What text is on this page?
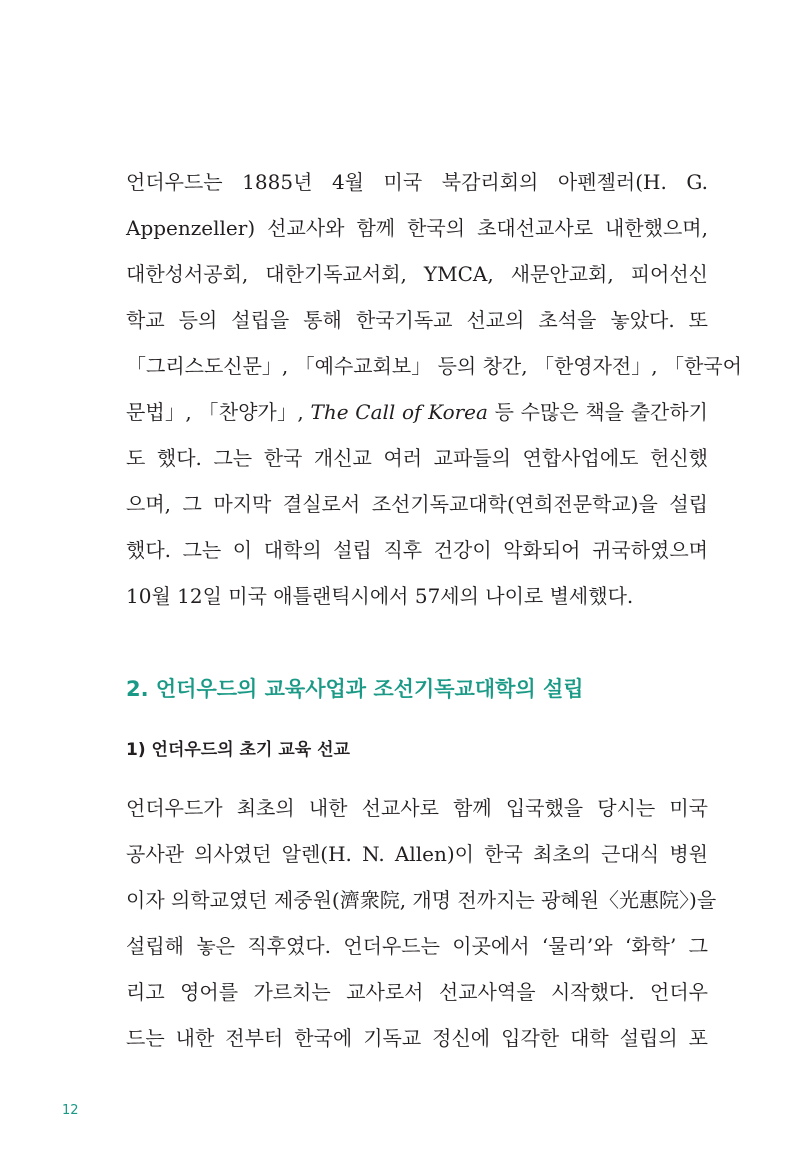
언더우드는 1885년 4월 미국 북감리회의 아펜젤러(H. G.
Appenzeller) 선교사와 함께 한국의 초대선교사로 내한했으며,
대한성서공회, 대한기독교서회, YMCA, 새문안교회, 피어선신
학교 등의 설립을 통해 한국기독교 선교의 초석을 놓았다. 또
「그리스도신문」, 「예수교회보」 등의 창간, 「한영자전」, 「한국어
문법」, 「찬양가」, The Call of Korea 등 수많은 책을 출간하기
도 했다. 그는 한국 개신교 여러 교파들의 연합사업에도 헌신했
으며, 그 마지막 결실로서 조선기독교대학(연희전문학교)을 설립
했다. 그는 이 대학의 설립 직후 건강이 악화되어 귀국하였으며
10월 12일 미국 애틀랜틱시에서 57세의 나이로 별세했다.
2. 언더우드의 교육사업과 조선기독교대학의 설립
1) 언더우드의 초기 교육 선교
언더우드가 최초의 내한 선교사로 함께 입국했을 당시는 미국
공사관 의사였던 알렌(H. N. Allen)이 한국 최초의 근대식 병원
이자 의학교였던 제중원(濟衆院, 개명 전까지는 광혜원〈光惠院〉)을
설립해 놓은 직후였다. 언더우드는 이곳에서 ‘물리’와 ‘화학’ 그
리고 영어를 가르치는 교사로서 선교사역을 시작했다. 언더우
드는 내한 전부터 한국에 기독교 정신에 입각한 대학 설립의 포
12
